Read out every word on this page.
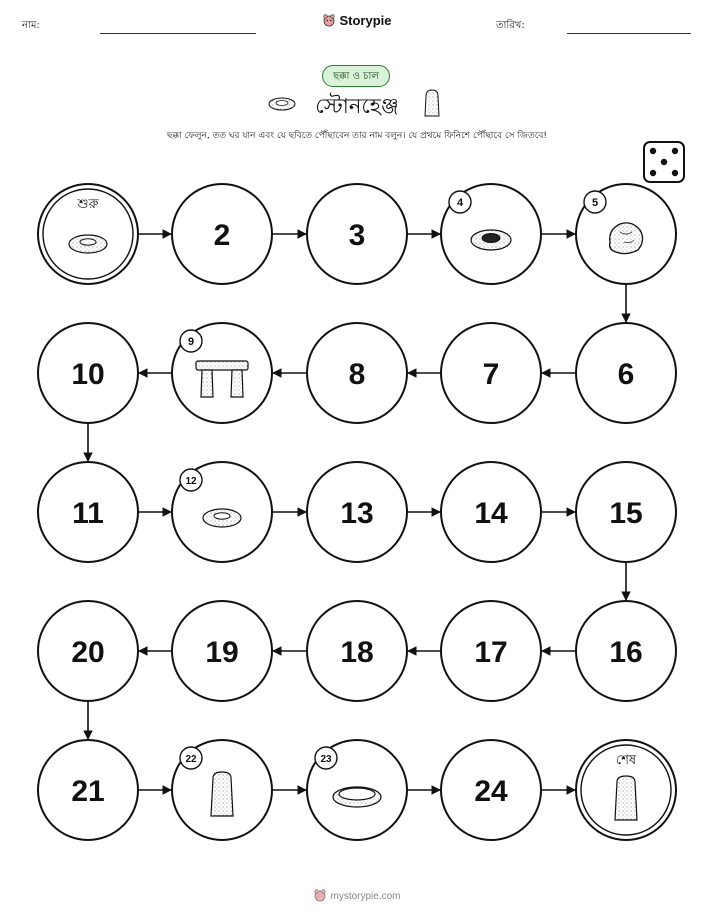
নাম:	Storypie	তারিখ:
ছক্কা ও চাল
স্টোনহেঞ্জ
ছক্কা ফেলুন, তত ঘর যান এবং যে ছবিতে পৌঁছাবেন তার নাম বলুন। যে প্রথমে ফিনিশে পৌঁছাবে সে জিতবে!
শুরু
2	3
4	5
6
7
8
9
10
11
12
13	14	15
16
17
18
19
20
21
22	23
24
শেষ
mystorypie.com
